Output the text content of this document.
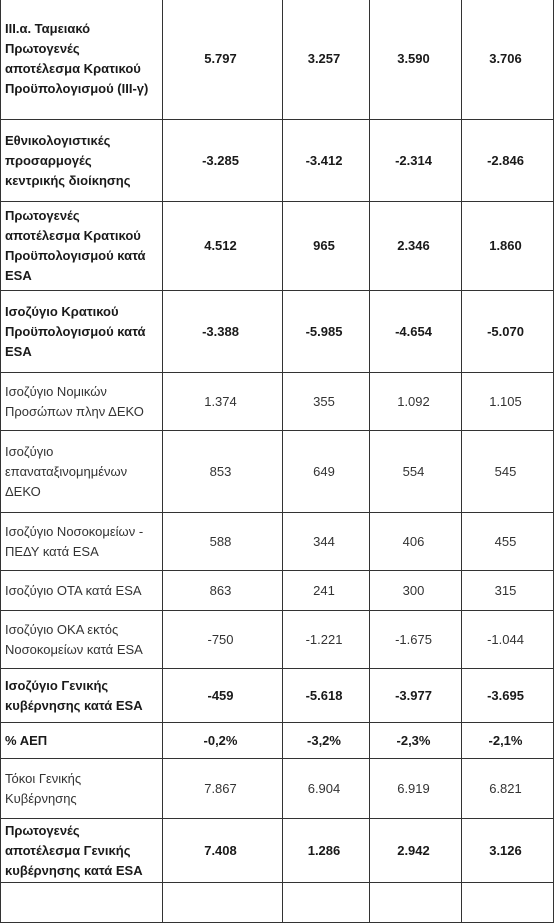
III.α. Ταμειακό Πρωτογενές αποτέλεσμα Κρατικού Προϋπολογισμού (ΙΙΙ-γ)	5.797	3.257	3.590	3.706
Εθνικολογιστικές προσαρμογές κεντρικής διοίκησης	-3.285	-3.412	-2.314	-2.846
Πρωτογενές αποτέλεσμα Κρατικού Προϋπολογισμού κατά ESA	4.512	965	2.346	1.860
Ισοζύγιο Κρατικού Προϋπολογισμού κατά ESA	-3.388	-5.985	-4.654	-5.070
Ισοζύγιο Νομικών Προσώπων πλην ΔΕΚΟ	1.374	355	1.092	1.105
Ισοζύγιο επαναταξινομημένων ΔΕΚΟ	853	649	554	545
Ισοζύγιο Νοσοκομείων - ΠΕΔΥ κατά ESA	588	344	406	455
Ισοζύγιο ΟΤΑ κατά ESA	863	241	300	315
Ισοζύγιο ΟΚΑ εκτός Νοσοκομείων κατά ESA	-750	-1.221	-1.675	-1.044
Ισοζύγιο Γενικής κυβέρνησης κατά ESA	-459	-5.618	-3.977	-3.695
% ΑΕΠ	-0,2%	-3,2%	-2,3%	-2,1%
Τόκοι Γενικής Κυβέρνησης	7.867	6.904	6.919	6.821
Πρωτογενές αποτέλεσμα Γενικής κυβέρνησης κατά ESA	7.408	1.286	2.942	3.126
